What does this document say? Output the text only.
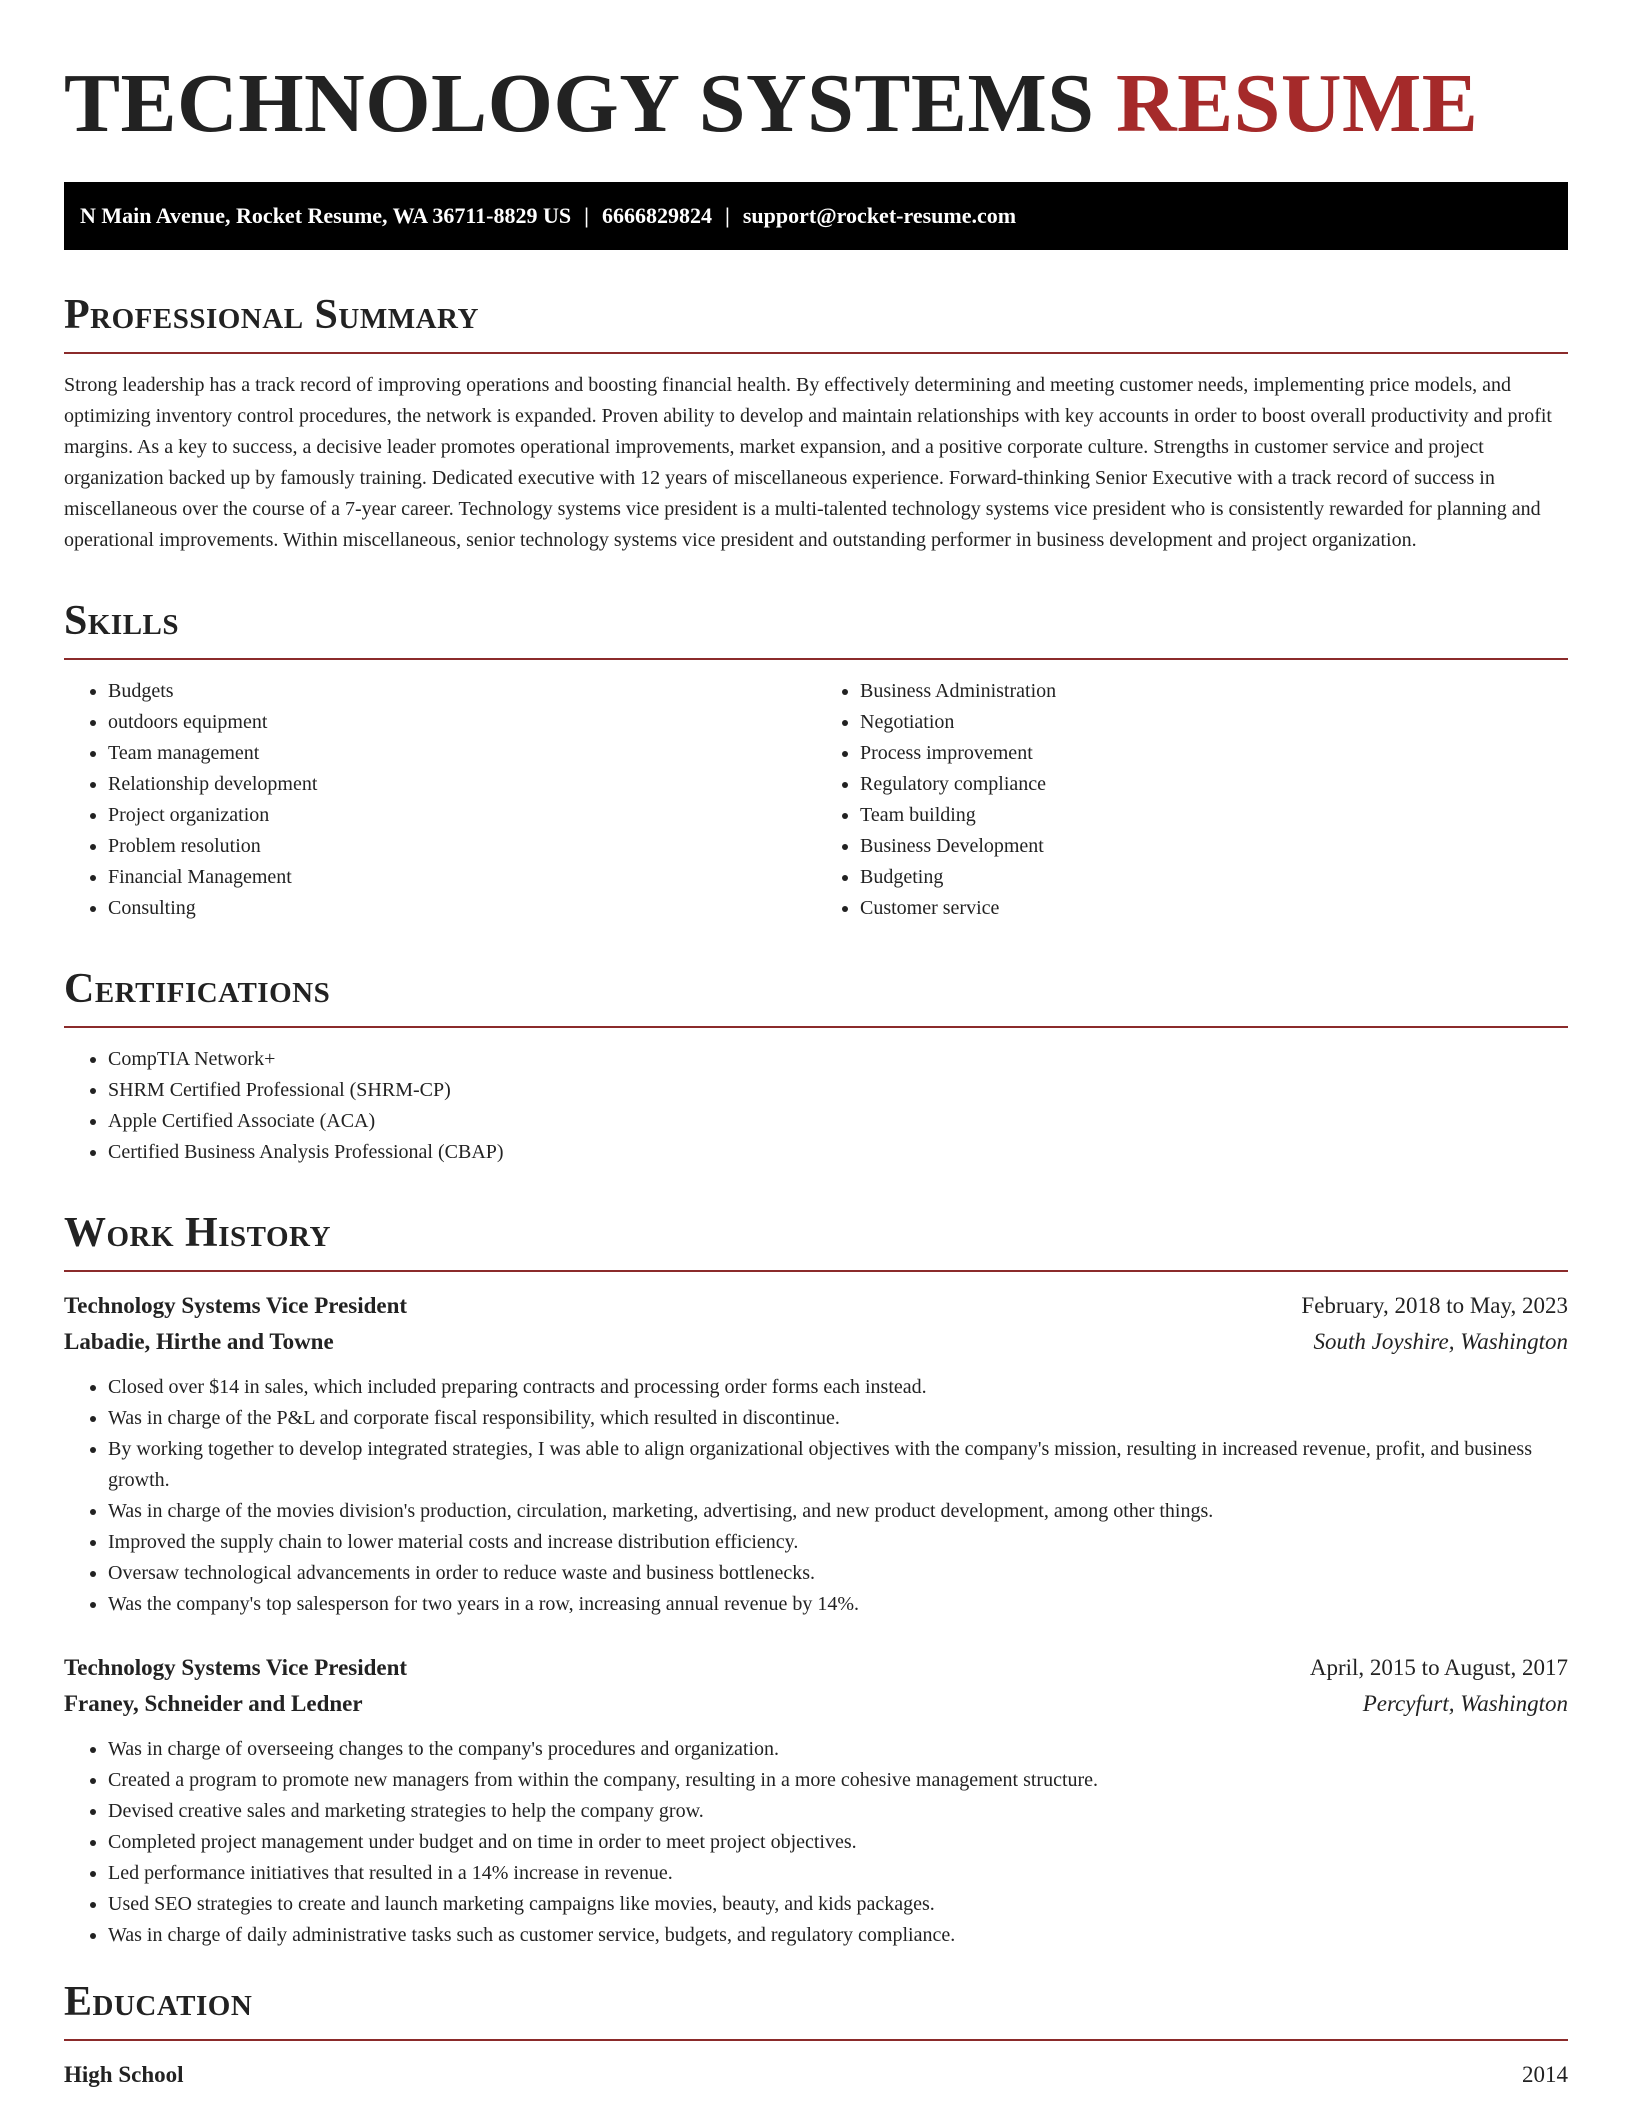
TECHNOLOGY SYSTEMS RESUME
N Main Avenue, Rocket Resume, WA 36711-8829 US | 6666829824 | support@rocket-resume.com
Professional Summary

Strong leadership has a track record of improving operations and boosting financial health. By effectively determining and meeting customer needs, implementing price models, and optimizing inventory control procedures, the network is expanded. Proven ability to develop and maintain relationships with key accounts in order to boost overall productivity and profit margins. As a key to success, a decisive leader promotes operational improvements, market expansion, and a positive corporate culture. Strengths in customer service and project organization backed up by famously training. Dedicated executive with 12 years of miscellaneous experience. Forward-thinking Senior Executive with a track record of success in miscellaneous over the course of a 7-year career. Technology systems vice president is a multi-talented technology systems vice president who is consistently rewarded for planning and operational improvements. Within miscellaneous, senior technology systems vice president and outstanding performer in business development and project organization.

Skills
• Budgets
• outdoors equipment
• Team management
• Relationship development
• Project organization
• Problem resolution
• Financial Management
• Consulting
• Business Administration
• Negotiation
• Process improvement
• Regulatory compliance
• Team building
• Business Development
• Budgeting
• Customer service
Certifications
• CompTIA Network+
• SHRM Certified Professional (SHRM-CP)
• Apple Certified Associate (ACA)
• Certified Business Analysis Professional (CBAP)
Work History
Technology Systems Vice President	February, 2018 to May, 2023
Labadie, Hirthe and Towne	South Joyshire, Washington
• Closed over $14 in sales, which included preparing contracts and processing order forms each instead.
• Was in charge of the P&L and corporate fiscal responsibility, which resulted in discontinue.
• By working together to develop integrated strategies, I was able to align organizational objectives with the company's mission, resulting in increased revenue, profit, and business growth.
• Was in charge of the movies division's production, circulation, marketing, advertising, and new product development, among other things.
• Improved the supply chain to lower material costs and increase distribution efficiency.
• Oversaw technological advancements in order to reduce waste and business bottlenecks.
• Was the company's top salesperson for two years in a row, increasing annual revenue by 14%.
Technology Systems Vice President	April, 2015 to August, 2017
Franey, Schneider and Ledner	Percyfurt, Washington
• Was in charge of overseeing changes to the company's procedures and organization.
• Created a program to promote new managers from within the company, resulting in a more cohesive management structure.
• Devised creative sales and marketing strategies to help the company grow.
• Completed project management under budget and on time in order to meet project objectives.
• Led performance initiatives that resulted in a 14% increase in revenue.
• Used SEO strategies to create and launch marketing campaigns like movies, beauty, and kids packages.
• Was in charge of daily administrative tasks such as customer service, budgets, and regulatory compliance.
Education
High School	2014
